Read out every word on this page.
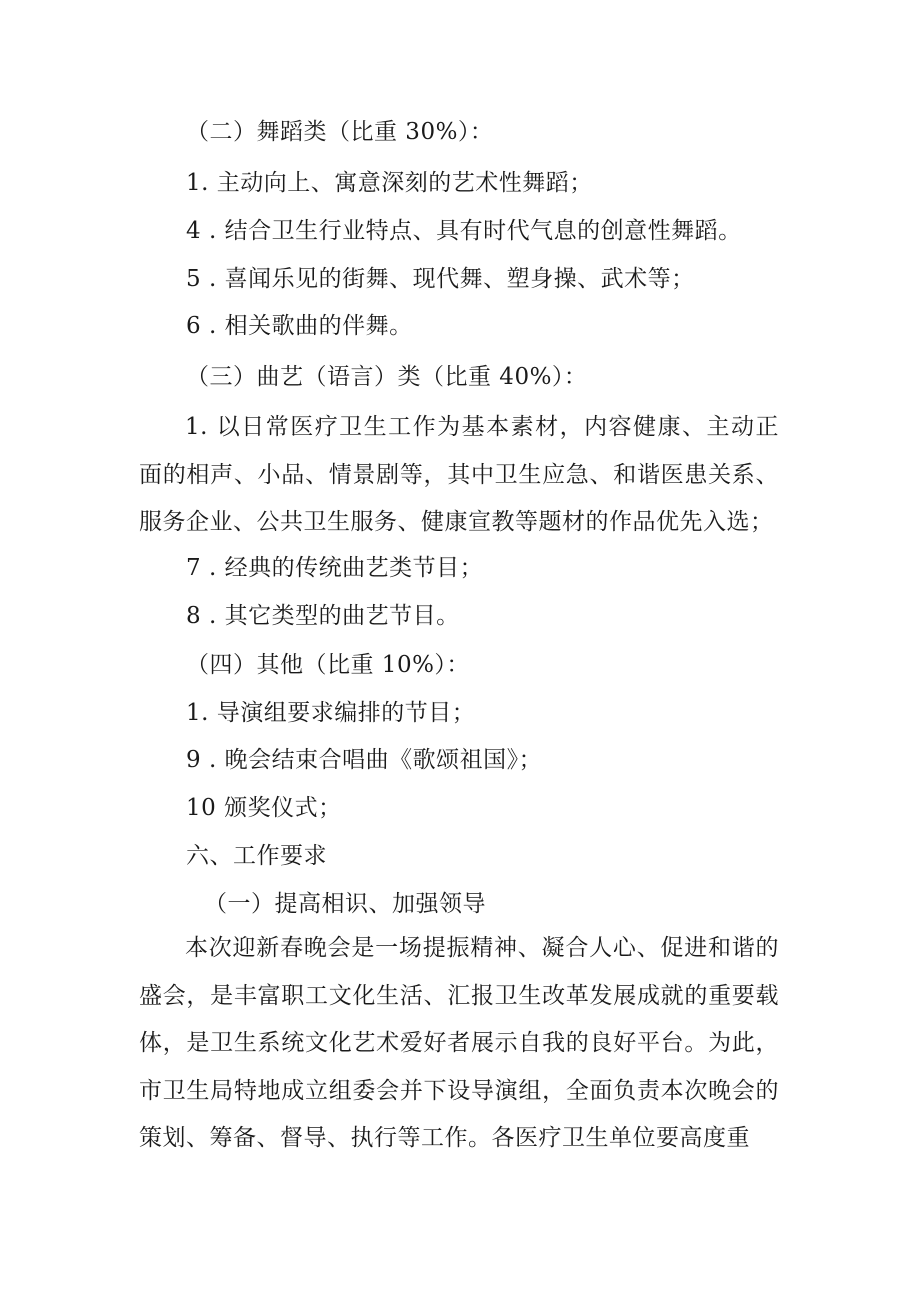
（二）舞蹈类（比重 30%）：
1. 主动向上、寓意深刻的艺术性舞蹈；
4 . 结合卫生行业特点、具有时代气息的创意性舞蹈。
5 . 喜闻乐见的街舞、现代舞、塑身操、武术等；
6 . 相关歌曲的伴舞。
（三）曲艺（语言）类（比重 40%）：
1. 以日常医疗卫生工作为基本素材，内容健康、主动正面的相声、小品、情景剧等，其中卫生应急、和谐医患关系、服务企业、公共卫生服务、健康宣教等题材的作品优先入选；
7 . 经典的传统曲艺类节目；
8 . 其它类型的曲艺节目。
（四）其他（比重 10%）：
1. 导演组要求编排的节目；
9 . 晚会结束合唱曲《歌颂祖国》；
10 颁奖仪式；
六、工作要求
（一）提高相识、加强领导
本次迎新春晚会是一场提振精神、凝合人心、促进和谐的盛会，是丰富职工文化生活、汇报卫生改革发展成就的重要载体，是卫生系统文化艺术爱好者展示自我的良好平台。为此，市卫生局特地成立组委会并下设导演组，全面负责本次晚会的策划、筹备、督导、执行等工作。各医疗卫生单位要高度重
